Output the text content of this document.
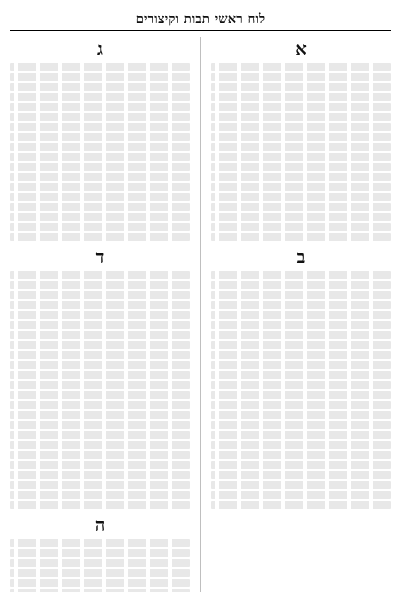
לוח ראשי תבות וקיצורים
א
ב
ג
ד
ה
